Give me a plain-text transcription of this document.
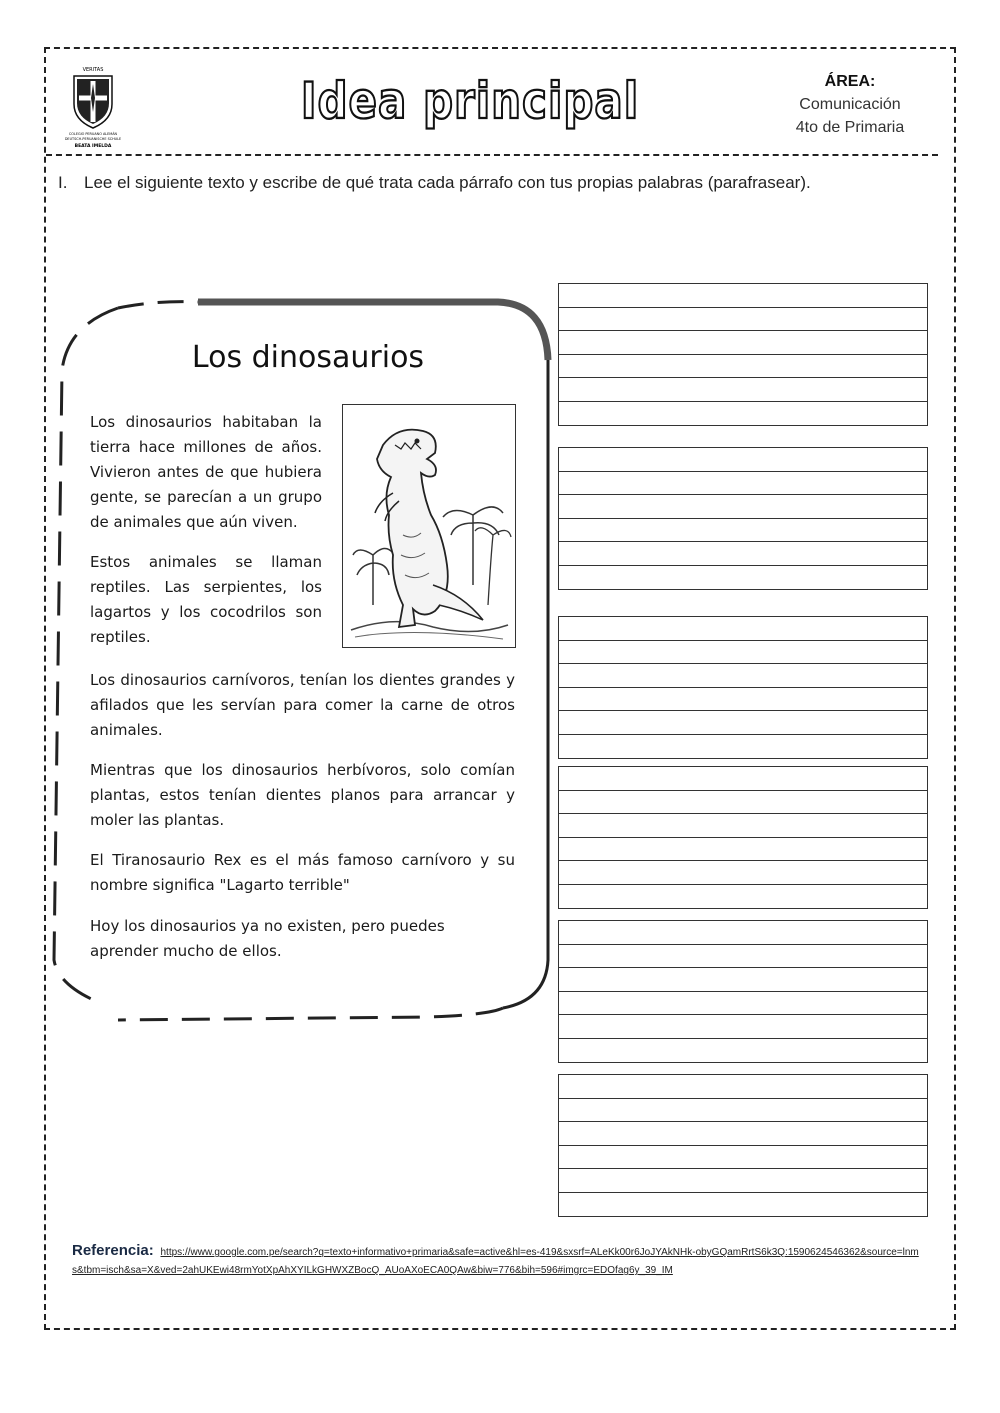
VERITAS
COLEGIO PERUANO ALEMÁN
DEUTSCH-PERUANISCHE SCHULE
BEATA IMELDA
Idea principal	ÁREA:
Comunicación
4to de Primaria
I. Lee el siguiente texto y escribe de qué trata cada párrafo con tus propias palabras (parafrasear).
Los dinosaurios
Los dinosaurios habitaban la tierra hace millones de años. Vivieron antes de que hubiera gente, se parecían a un grupo de animales que aún viven.
Estos animales se llaman reptiles. Las serpientes, los lagartos y los cocodrilos son reptiles.
Los dinosaurios carnívoros, tenían los dientes grandes y afilados que les servían para comer la carne de otros animales.
Mientras que los dinosaurios herbívoros, solo comían plantas, estos tenían dientes planos para arrancar y moler las plantas.
El Tiranosaurio Rex es el más famoso carnívoro y su nombre significa "Lagarto terrible"
Hoy los dinosaurios ya no existen, pero puedes aprender mucho de ellos.
Referencia: https://www.google.com.pe/search?q=texto+informativo+primaria&safe=active&hl=es-419&sxsrf=ALeKk00r6JoJYAkNHk-obyGQamRrtS6k3Q:1590624546362&source=lnms&tbm=isch&sa=X&ved=2ahUKEwi48rmYotXpAhXYILkGHWXZBocQ_AUoAXoECA0QAw&biw=776&bih=596#imgrc=EDOfag6y_39_IM
